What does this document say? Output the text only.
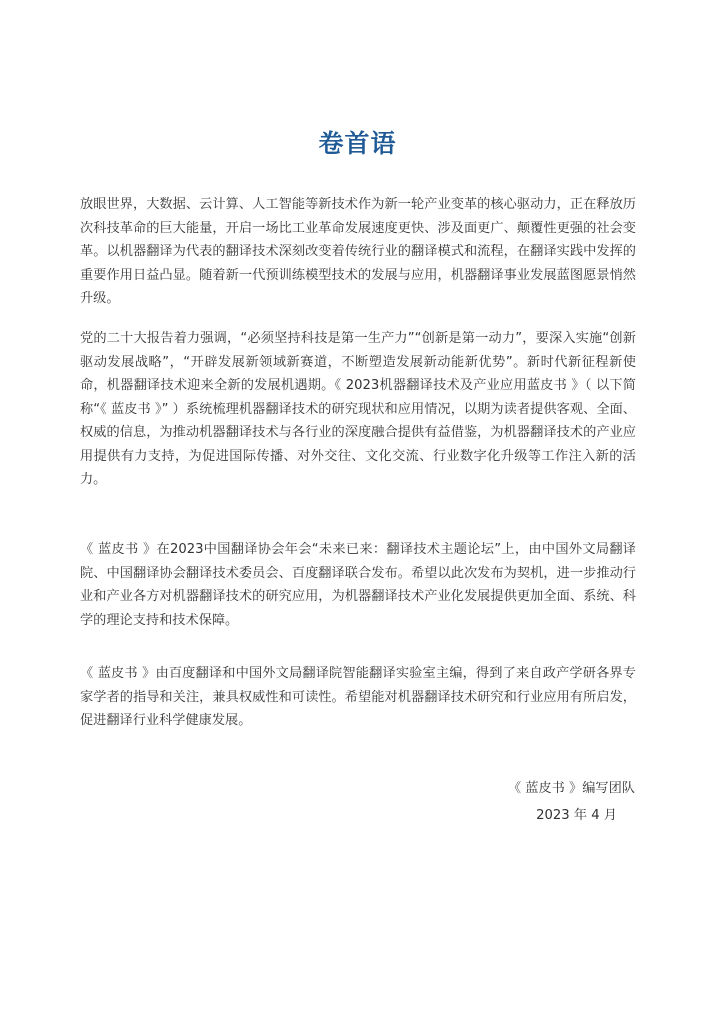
卷首语

放眼世界，大数据、云计算、人工智能等新技术作为新一轮产业变革的核心驱动力，正在释放历次科技革命的巨大能量，开启一场比工业革命发展速度更快、涉及面更广、颠覆性更强的社会变革。以机器翻译为代表的翻译技术深刻改变着传统行业的翻译模式和流程，在翻译实践中发挥的重要作用日益凸显。随着新一代预训练模型技术的发展与应用，机器翻译事业发展蓝图愿景悄然升级。

党的二十大报告着力强调，“必须坚持科技是第一生产力”“创新是第一动力”，要深入实施“创新驱动发展战略”，“开辟发展新领域新赛道，不断塑造发展新动能新优势”。新时代新征程新使命，机器翻译技术迎来全新的发展机遇期。《 2023机器翻译技术及产业应用蓝皮书 》（ 以下简称“《 蓝皮书 》” ）系统梳理机器翻译技术的研究现状和应用情况，以期为读者提供客观、全面、权威的信息，为推动机器翻译技术与各行业的深度融合提供有益借鉴，为机器翻译技术的产业应用提供有力支持，为促进国际传播、对外交往、文化交流、行业数字化升级等工作注入新的活力。

《 蓝皮书 》在2023中国翻译协会年会“未来已来：翻译技术主题论坛”上，由中国外文局翻译院、中国翻译协会翻译技术委员会、百度翻译联合发布。希望以此次发布为契机，进一步推动行业和产业各方对机器翻译技术的研究应用，为机器翻译技术产业化发展提供更加全面、系统、科学的理论支持和技术保障。

《 蓝皮书 》由百度翻译和中国外文局翻译院智能翻译实验室主编，得到了来自政产学研各界专家学者的指导和关注，兼具权威性和可读性。希望能对机器翻译技术研究和行业应用有所启发，促进翻译行业科学健康发展。

《 蓝皮书 》编写团队
2023 年 4 月
